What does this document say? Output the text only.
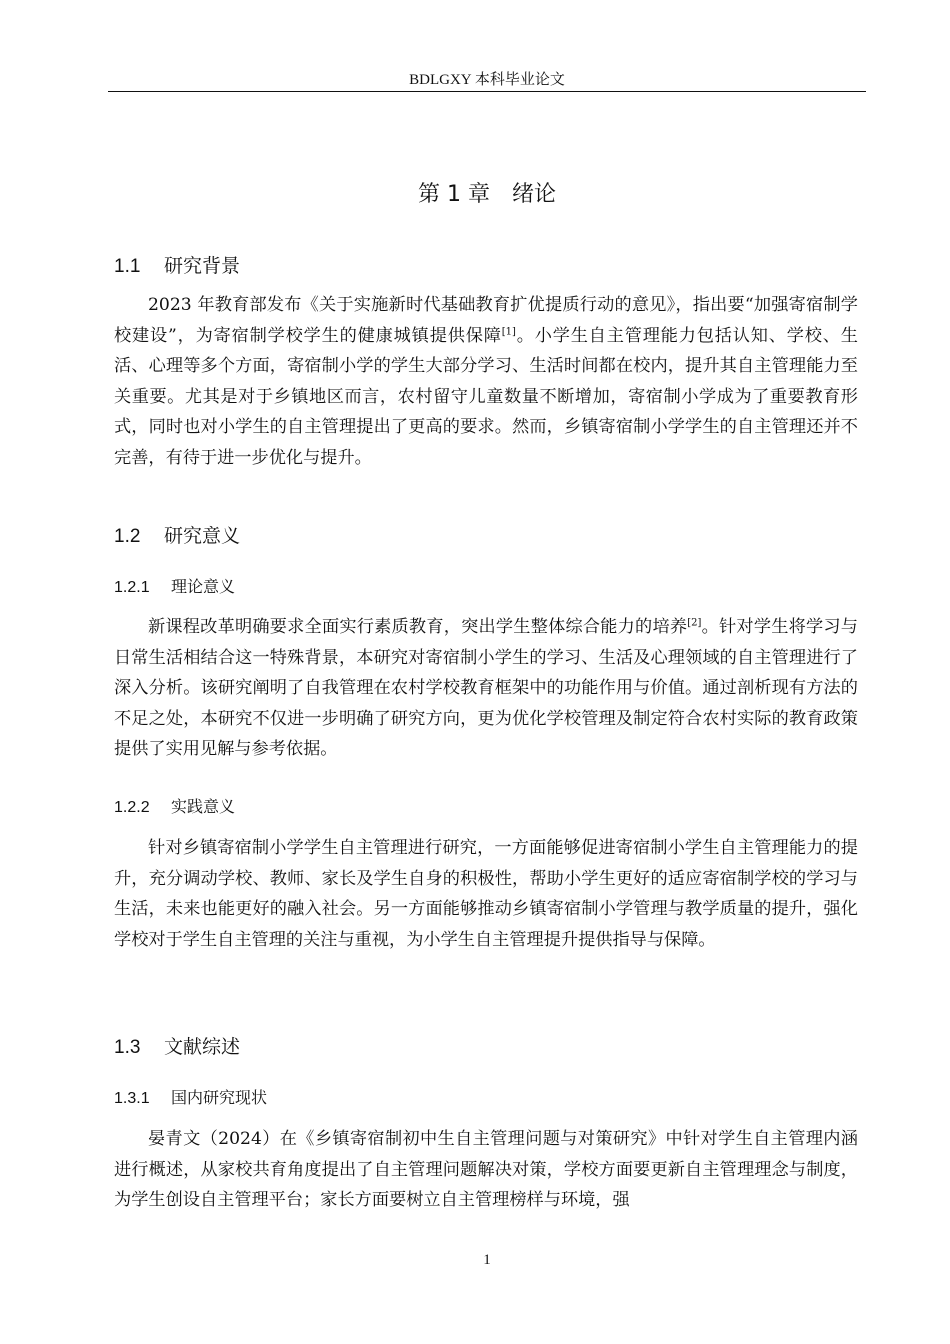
BDLGXY 本科毕业论文
第 1 章 绪论
1.1 研究背景

2023 年教育部发布《关于实施新时代基础教育扩优提质行动的意见》，指出要“加强寄宿制学校建设”，为寄宿制学校学生的健康城镇提供保障[1]。小学生自主管理能力包括认知、学校、生活、心理等多个方面，寄宿制小学的学生大部分学习、生活时间都在校内，提升其自主管理能力至关重要。尤其是对于乡镇地区而言，农村留守儿童数量不断增加，寄宿制小学成为了重要教育形式，同时也对小学生的自主管理提出了更高的要求。然而，乡镇寄宿制小学学生的自主管理还并不完善，有待于进一步优化与提升。

1.2 研究意义
1.2.1 理论意义

新课程改革明确要求全面实行素质教育，突出学生整体综合能力的培养[2]。针对学生将学习与日常生活相结合这一特殊背景，本研究对寄宿制小学生的学习、生活及心理领域的自主管理进行了深入分析。该研究阐明了自我管理在农村学校教育框架中的功能作用与价值。通过剖析现有方法的不足之处，本研究不仅进一步明确了研究方向，更为优化学校管理及制定符合农村实际的教育政策提供了实用见解与参考依据。

1.2.2 实践意义

针对乡镇寄宿制小学学生自主管理进行研究，一方面能够促进寄宿制小学生自主管理能力的提升，充分调动学校、教师、家长及学生自身的积极性，帮助小学生更好的适应寄宿制学校的学习与生活，未来也能更好的融入社会。另一方面能够推动乡镇寄宿制小学管理与教学质量的提升，强化学校对于学生自主管理的关注与重视，为小学生自主管理提升提供指导与保障。

1.3 文献综述
1.3.1 国内研究现状

晏青文（2024）在《乡镇寄宿制初中生自主管理问题与对策研究》中针对学生自主管理内涵进行概述，从家校共育角度提出了自主管理问题解决对策，学校方面要更新自主管理理念与制度，为学生创设自主管理平台；家长方面要树立自主管理榜样与环境，强

1
